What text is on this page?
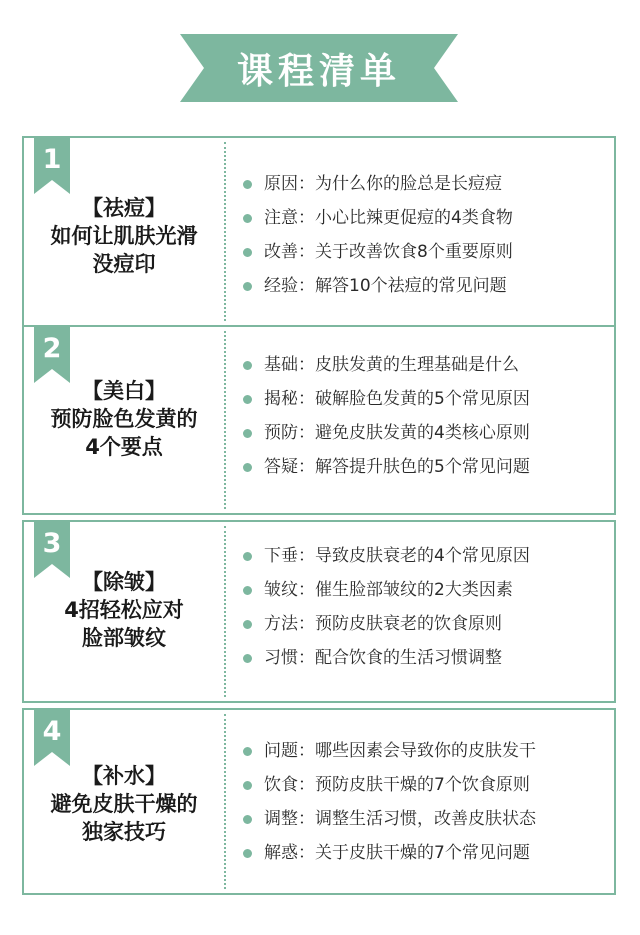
课程清单
1
【祛痘】
如何让肌肤光滑
没痘印
原因：为什么你的脸总是长痘痘
注意：小心比辣更促痘的4类食物
改善：关于改善饮食8个重要原则
经验：解答10个祛痘的常见问题
2
【美白】
预防脸色发黄的
4个要点
基础：皮肤发黄的生理基础是什么
揭秘：破解脸色发黄的5个常见原因
预防：避免皮肤发黄的4类核心原则
答疑：解答提升肤色的5个常见问题
3
【除皱】
4招轻松应对
脸部皱纹
下垂：导致皮肤衰老的4个常见原因
皱纹：催生脸部皱纹的2大类因素
方法：预防皮肤衰老的饮食原则
习惯：配合饮食的生活习惯调整
4
【补水】
避免皮肤干燥的
独家技巧
问题：哪些因素会导致你的皮肤发干
饮食：预防皮肤干燥的7个饮食原则
调整：调整生活习惯，改善皮肤状态
解惑：关于皮肤干燥的7个常见问题
